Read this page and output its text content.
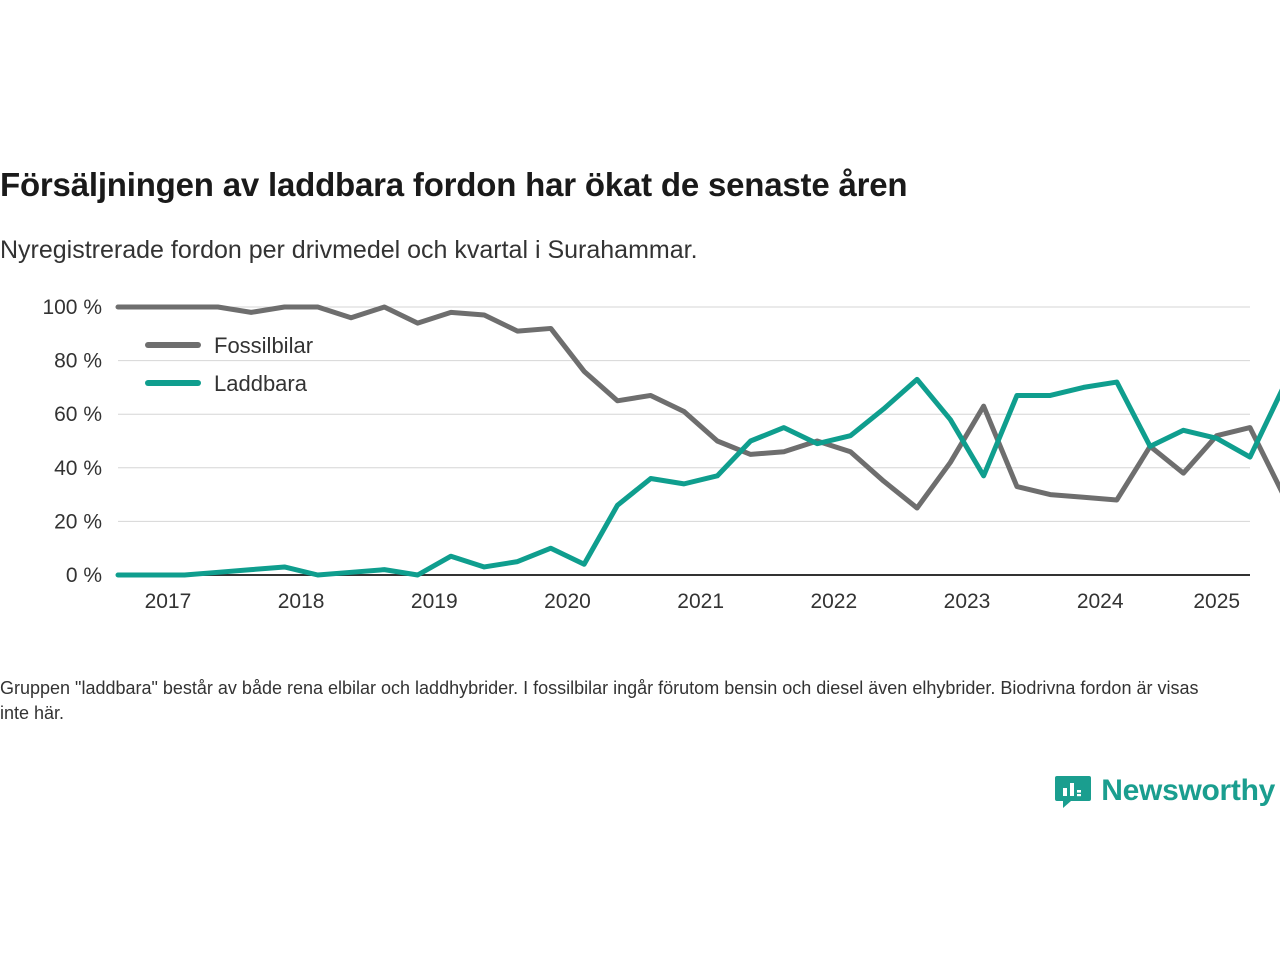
Försäljningen av laddbara fordon har ökat de senaste åren
Nyregistrerade fordon per drivmedel och kvartal i Surahammar.
0 %
20 %
40 %
60 %
80 %
100 %
2017	2018	2019	2020	2021	2022	2023	2024	2025
Fossilbilar
Laddbara
Gruppen "laddbara" består av både rena elbilar och laddhybrider. I fossilbilar ingår förutom bensin och diesel även elhybrider. Biodrivna fordon är visas inte här.
Newsworthy
